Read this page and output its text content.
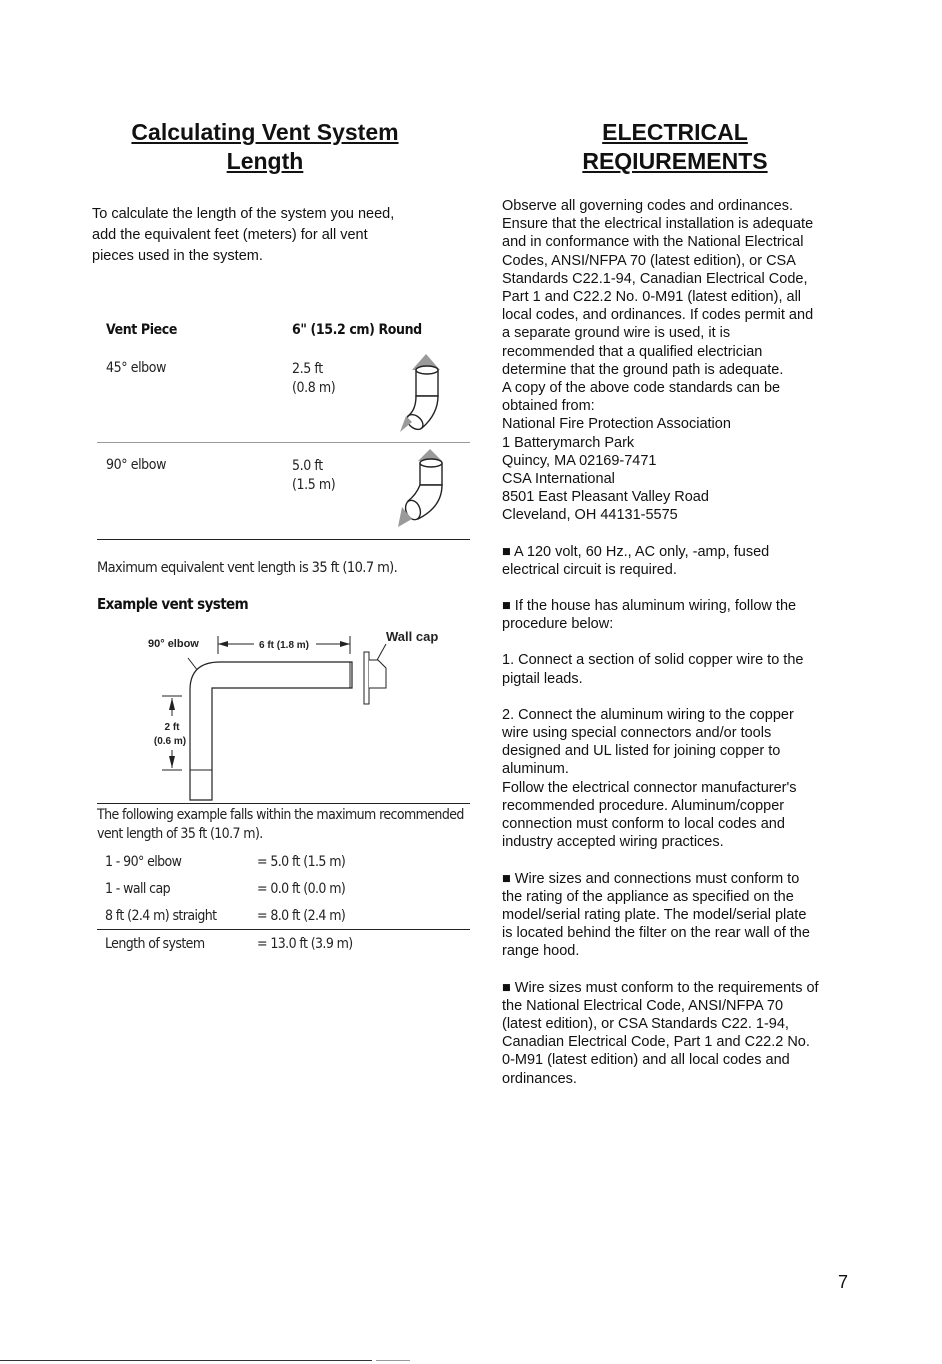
Calculating Vent System
Length
To calculate the length of the system you need,
add the equivalent feet (meters) for all vent
pieces used in the system.
Vent Piece	6" (15.2 cm) Round
45° elbow	2.5 ft
(0.8 m)
90° elbow	5.0 ft
(1.5 m)
Maximum equivalent vent length is 35 ft (10.7 m).
Example vent system
90° elbow	6 ft (1.8 m)
Wall cap
2 ft
(0.6 m)
The following example falls within the maximum recommended
vent length of 35 ft (10.7 m).
1 - 90° elbow	= 5.0 ft (1.5 m)
1 - wall cap	= 0.0 ft (0.0 m)
8 ft (2.4 m) straight	= 8.0 ft (2.4 m)
Length of system	= 13.0 ft (3.9 m)
ELECTRICAL
REQIUREMENTS
Observe all governing codes and ordinances.
Ensure that the electrical installation is adequate
and in conformance with the National Electrical
Codes, ANSI/NFPA 70 (latest edition), or CSA
Standards C22.1-94, Canadian Electrical Code,
Part 1 and C22.2 No. 0-M91 (latest edition), all
local codes, and ordinances. If codes permit and
a separate ground wire is used, it is
recommended that a qualified electrician
determine that the ground path is adequate.
A copy of the above code standards can be
obtained from:
National Fire Protection Association
1 Batterymarch Park
Quincy, MA 02169-7471
CSA International
8501 East Pleasant Valley Road
Cleveland, OH 44131-5575
■ A 120 volt, 60 Hz., AC only, -amp, fused
electrical circuit is required.
■ If the house has aluminum wiring, follow the
procedure below:
1. Connect a section of solid copper wire to the
pigtail leads.
2. Connect the aluminum wiring to the copper
wire using special connectors and/or tools
designed and UL listed for joining copper to
aluminum.
Follow the electrical connector manufacturer's
recommended procedure. Aluminum/copper
connection must conform to local codes and
industry accepted wiring practices.
■ Wire sizes and connections must conform to
the rating of the appliance as specified on the
model/serial rating plate. The model/serial plate
is located behind the filter on the rear wall of the
range hood.
■ Wire sizes must conform to the requirements of
the National Electrical Code, ANSI/NFPA 70
(latest edition), or CSA Standards C22. 1-94,
Canadian Electrical Code, Part 1 and C22.2 No.
0-M91 (latest edition) and all local codes and
ordinances.
7
